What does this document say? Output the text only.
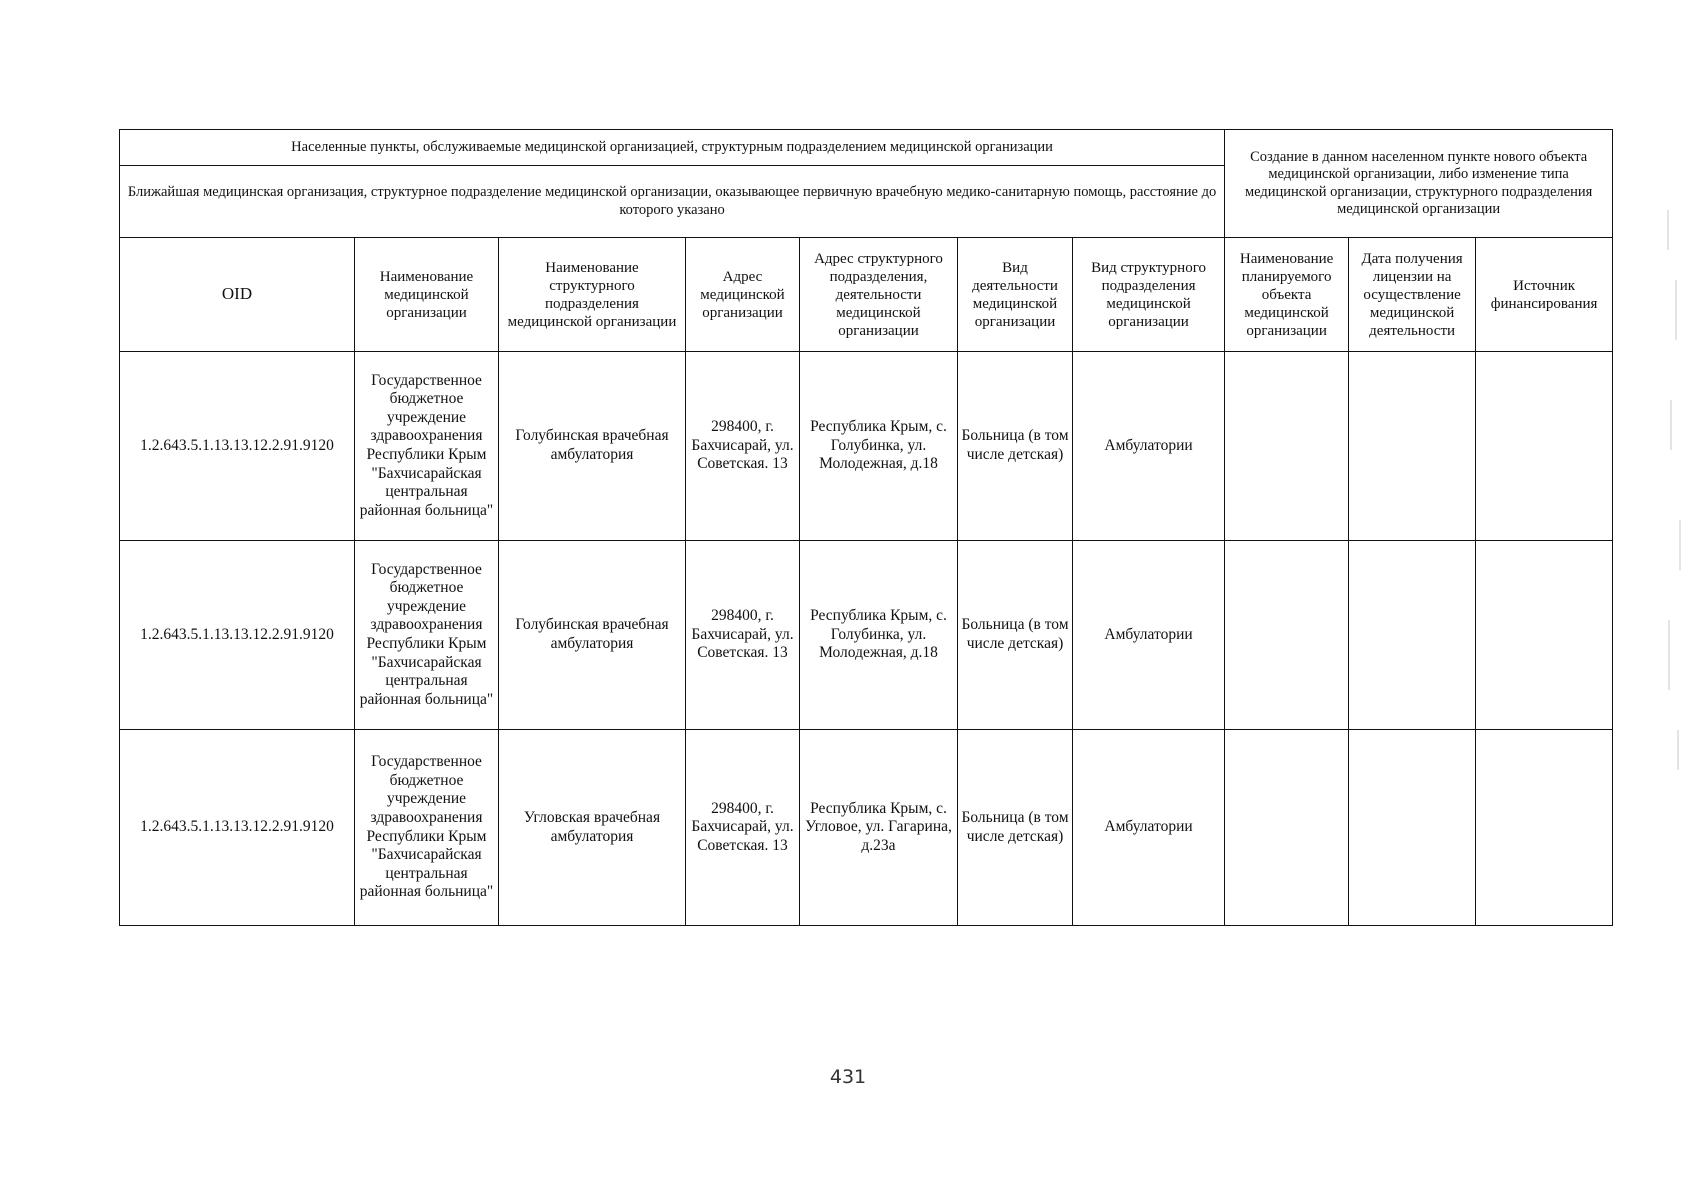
Населенные пункты, обслуживаемые медицинской организацией, структурным подразделением медицинской организации							Создание в данном населенном пункте нового объекта медицинской организации, либо изменение типа медицинской организации, структурного подразделения медицинской организации		
Ближайшая медицинская организация, структурное подразделение медицинской организации, оказывающее первичную врачебную медико-санитарную помощь, расстояние до которого указано									
OID	Наименование медицинской организации	Наименование структурного подразделения медицинской организации	Адрес медицинской организации	Адрес структурного подразделения, деятельности медицинской организации	Вид деятельности медицинской организации	Вид структурного подразделения медицинской организации	Наименование планируемого объекта медицинской организации	Дата получения лицензии на осуществление медицинской деятельности	Источник финансирования
1.2.643.5.1.13.13.12.2.91.9120	Государственное бюджетное учреждение здравоохранения Республики Крым "Бахчисарайская центральная районная больница"	Голубинская врачебная амбулатория	298400, г. Бахчисарай, ул. Советская. 13	Республика Крым, с. Голубинка, ул. Молодежная, д.18	Больница (в том числе детская)	Амбулатории			
1.2.643.5.1.13.13.12.2.91.9120	Государственное бюджетное учреждение здравоохранения Республики Крым "Бахчисарайская центральная районная больница"	Голубинская врачебная амбулатория	298400, г. Бахчисарай, ул. Советская. 13	Республика Крым, с. Голубинка, ул. Молодежная, д.18	Больница (в том числе детская)	Амбулатории			
1.2.643.5.1.13.13.12.2.91.9120	Государственное бюджетное учреждение здравоохранения Республики Крым "Бахчисарайская центральная районная больница"	Угловская врачебная амбулатория	298400, г. Бахчисарай, ул. Советская. 13	Республика Крым, с. Угловое, ул. Гагарина, д.23а	Больница (в том числе детская)	Амбулатории			
431
